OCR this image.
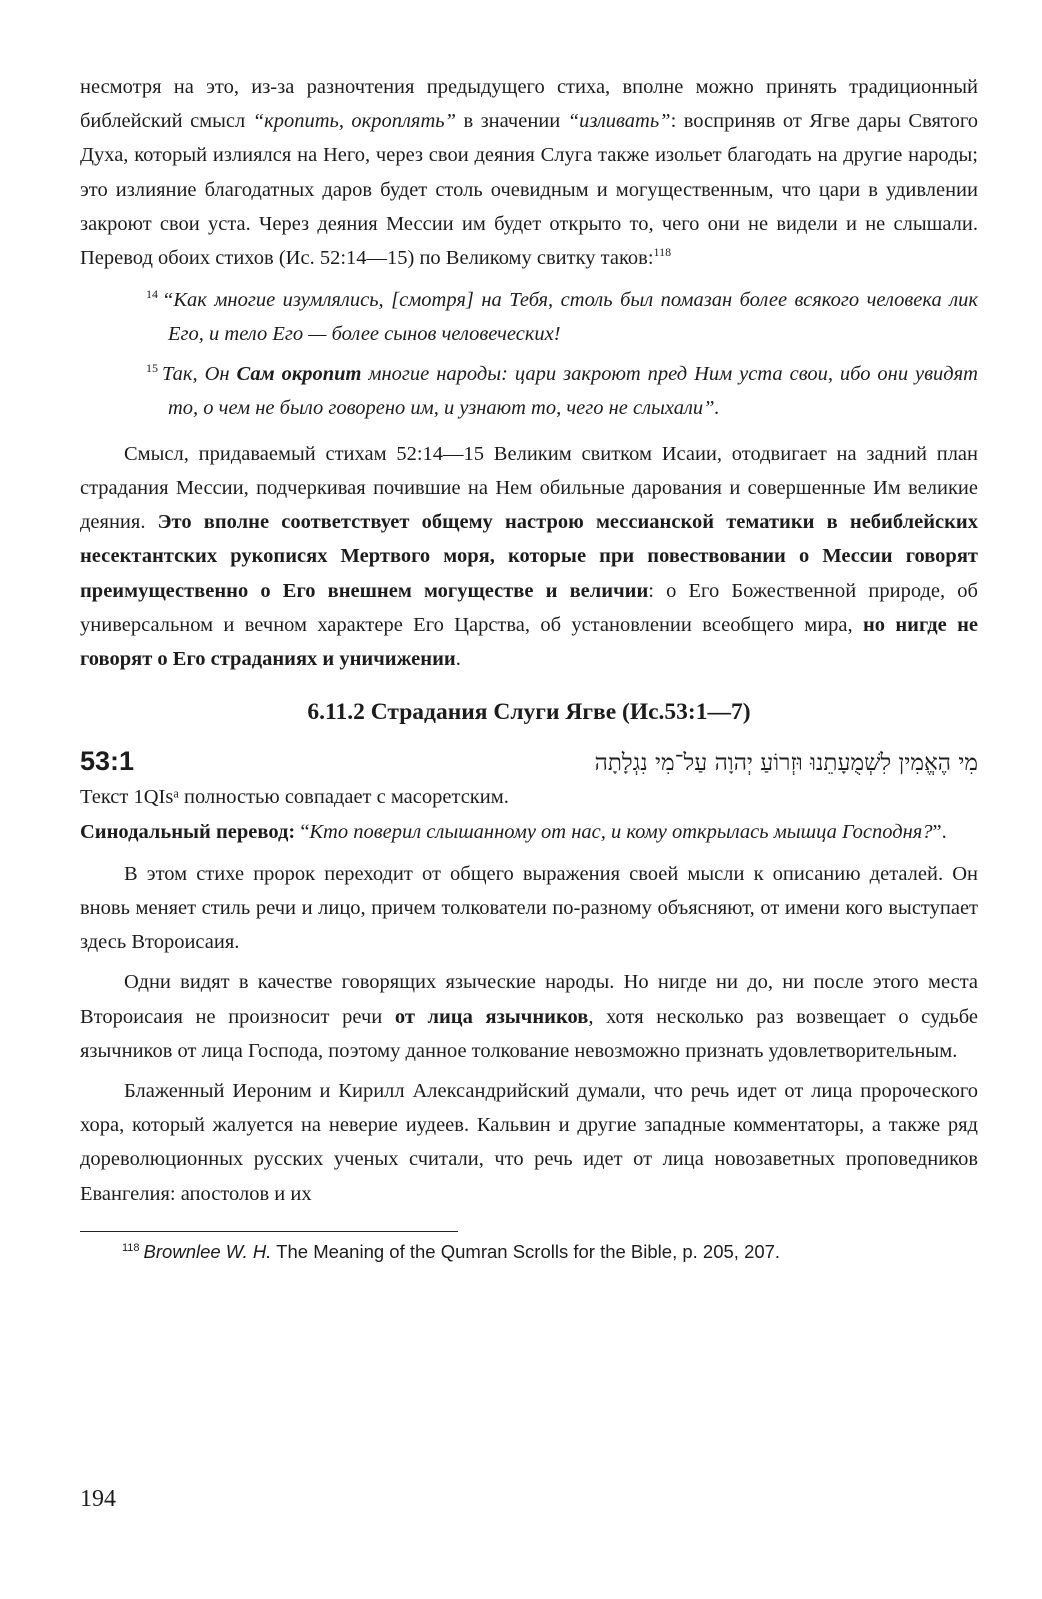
несмотря на это, из-за разночтения предыдущего стиха, вполне можно принять традиционный библейский смысл “кропить, окроплять” в значении “изливать”: восприняв от Ягве дары Святого Духа, который излиялся на Него, через свои деяния Слуга также изольет благодать на другие народы; это излияние благодатных даров будет столь очевидным и могущественным, что цари в удивлении закроют свои уста. Через деяния Мессии им будет открыто то, чего они не видели и не слышали. Перевод обоих стихов (Ис. 52:14—15) по Великому свитку таков:$^{118}$

$^{14}$ “Как многие изумлялись, [смотря] на Тебя, столь был помазан более всякого человека лик Его, и тело Его — более сынов человеческих!

$^{15}$ Так, Он Сам окропит многие народы: цари закроют пред Ним уста свои, ибо они увидят то, о чем не было говорено им, и узнают то, чего не слыхали”.

Смысл, придаваемый стихам 52:14—15 Великим свитком Исаии, отодвигает на задний план страдания Мессии, подчеркивая почившие на Нем обильные дарования и совершенные Им великие деяния. Это вполне соответствует общему настрою мессианской тематики в небиблейских несектантских рукописях Мертвого моря, которые при повествовании о Мессии говорят преимущественно о Его внешнем могуществе и величии: о Его Божественной природе, об универсальном и вечном характере Его Царства, об установлении всеобщего мира, но нигде не говорят о Его страданиях и уничижении.

6.11.2 Страдания Слуги Ягве (Ис.53:1—7)
53:1	מִי הֶאֱמִין לִשְׁמֻעָתֵנוּ וּזְרוֹעַ יְהוָה עַל־מִי נִגְלָתָה

Текст 1QIsᵃ полностью совпадает с масоретским.

Синодальный перевод: “Кто поверил слышанному от нас, и кому открылась мышца Господня?”.

В этом стихе пророк переходит от общего выражения своей мысли к описанию деталей. Он вновь меняет стиль речи и лицо, причем толкователи по-разному объясняют, от имени кого выступает здесь Второисаия.

Одни видят в качестве говорящих языческие народы. Но нигде ни до, ни после этого места Второисаия не произносит речи от лица язычников, хотя несколько раз возвещает о судьбе язычников от лица Господа, поэтому данное толкование невозможно признать удовлетворительным.

Блаженный Иероним и Кирилл Александрийский думали, что речь идет от лица пророческого хора, который жалуется на неверие иудеев. Кальвин и другие западные комментаторы, а также ряд дореволюционных русских ученых считали, что речь идет от лица новозаветных проповедников Евангелия: апостолов и их

$^{118}$ Brownlee W. H. The Meaning of the Qumran Scrolls for the Bible, p. 205, 207.
194
